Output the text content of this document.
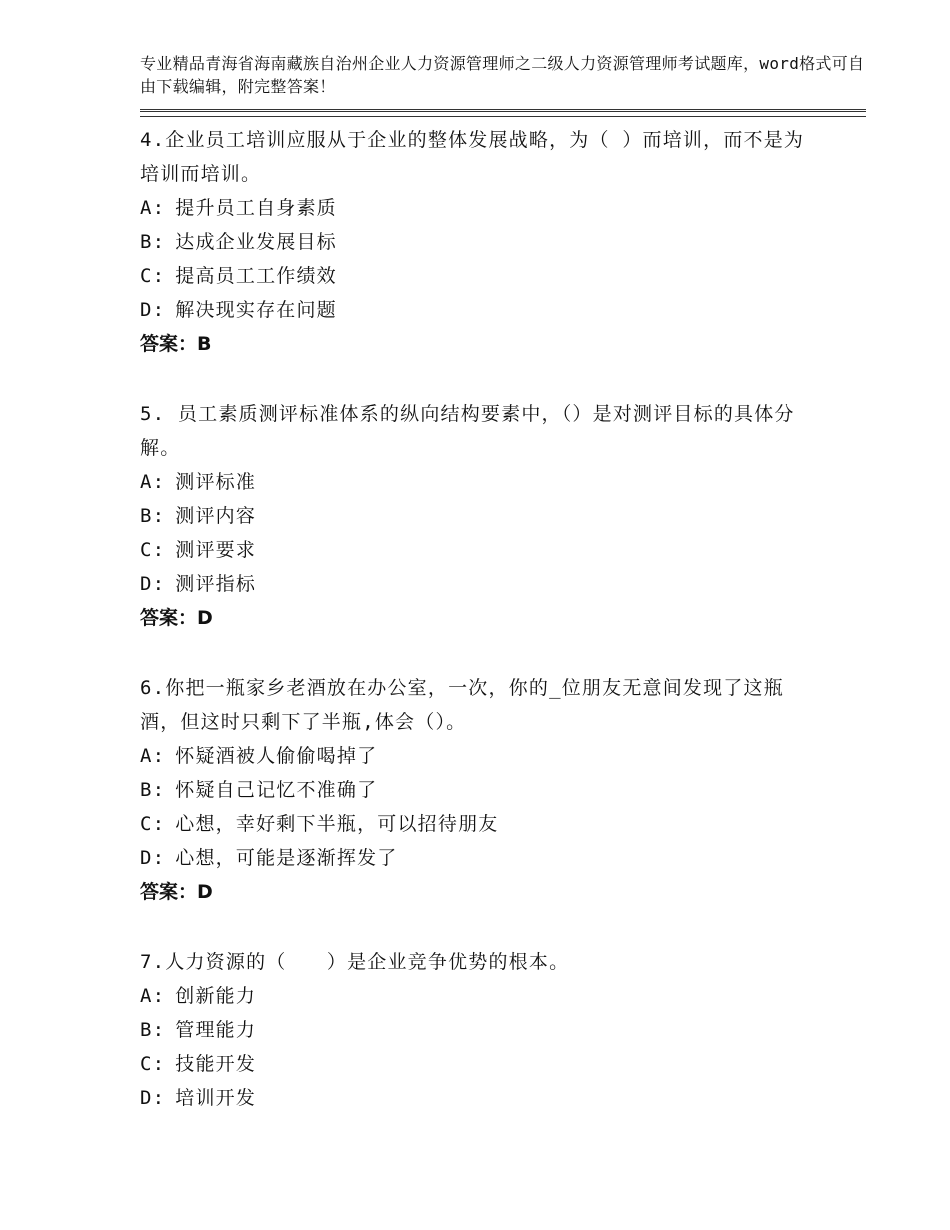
专业精品青海省海南藏族自治州企业人力资源管理师之二级人力资源管理师考试题库，word格式可自由下载编辑，附完整答案！
4.企业员工培训应服从于企业的整体发展战略，为（ ）而培训，而不是为培训而培训。
A: 提升员工自身素质
B: 达成企业发展目标
C: 提高员工工作绩效
D: 解决现实存在问题
答案：B
5. 员工素质测评标准体系的纵向结构要素中，（）是对测评目标的具体分解。
A: 测评标准
B: 测评内容
C: 测评要求
D: 测评指标
答案：D
6.你把一瓶家乡老酒放在办公室，一次，你的_位朋友无意间发现了这瓶酒，但这时只剩下了半瓶,体会（）。
A: 怀疑酒被人偷偷喝掉了
B: 怀疑自己记忆不准确了
C: 心想，幸好剩下半瓶，可以招待朋友
D: 心想，可能是逐渐挥发了
答案：D
7.人力资源的（　　）是企业竞争优势的根本。
A: 创新能力
B: 管理能力
C: 技能开发
D: 培训开发
